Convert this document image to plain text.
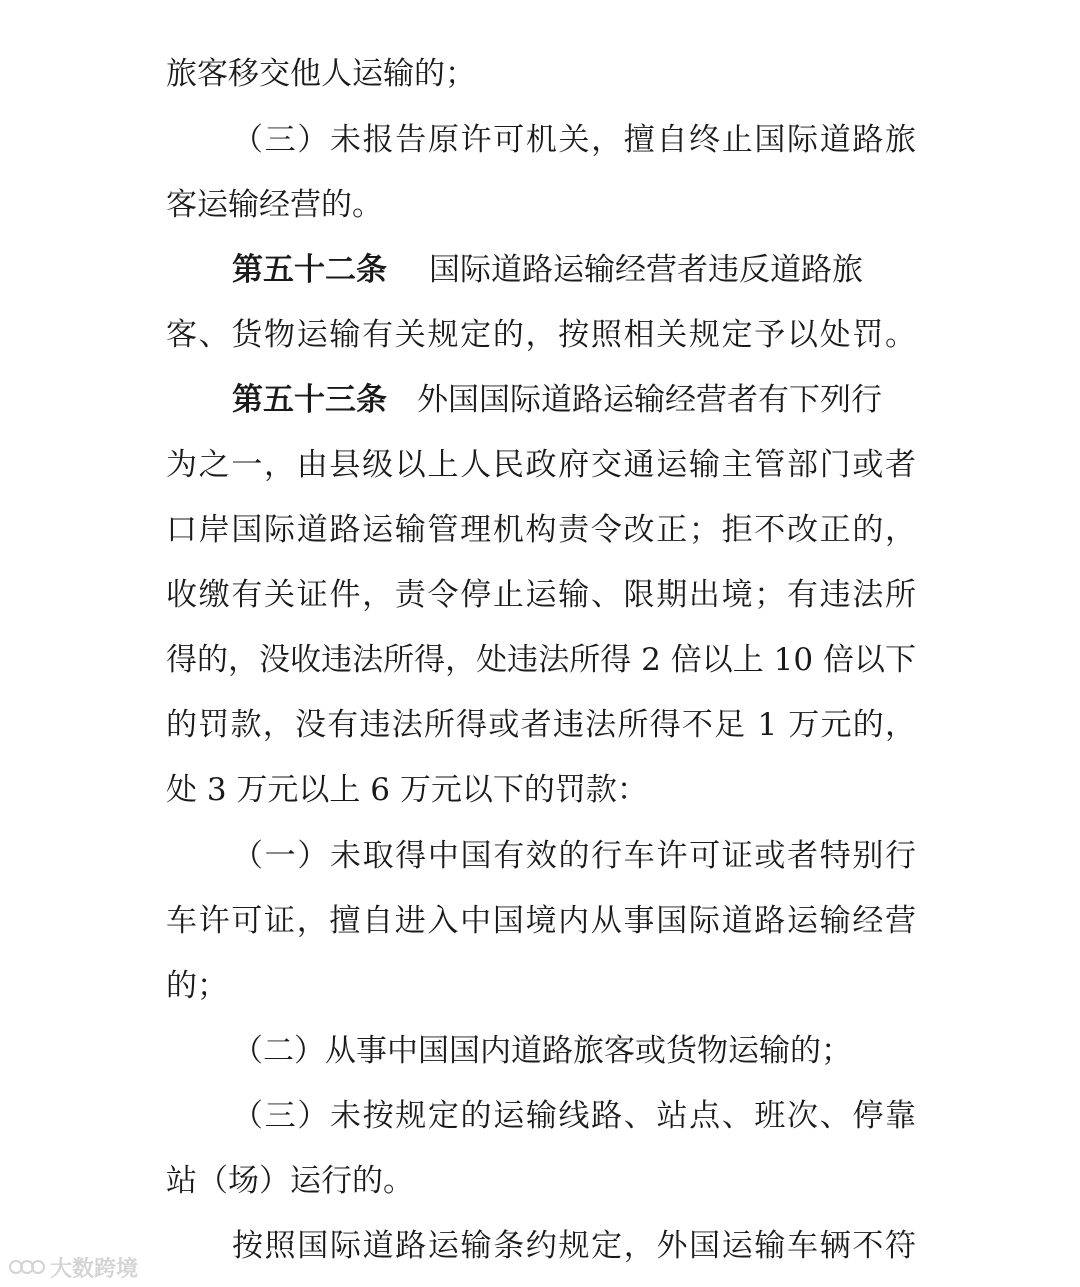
旅客移交他人运输的；
（三）未报告原许可机关，擅自终止国际道路旅
客运输经营的。
第五十二条 国际道路运输经营者违反道路旅
客、货物运输有关规定的，按照相关规定予以处罚。
第五十三条 外国国际道路运输经营者有下列行
为之一，由县级以上人民政府交通运输主管部门或者
口岸国际道路运输管理机构责令改正；拒不改正的，
收缴有关证件，责令停止运输、限期出境；有违法所
得的，没收违法所得，处违法所得 2 倍以上 10 倍以下
的罚款，没有违法所得或者违法所得不足 1 万元的，
处 3 万元以上 6 万元以下的罚款：
（一）未取得中国有效的行车许可证或者特别行
车许可证，擅自进入中国境内从事国际道路运输经营
的；
（二）从事中国国内道路旅客或货物运输的；
（三）未按规定的运输线路、站点、班次、停靠
站（场）运行的。
按照国际道路运输条约规定，外国运输车辆不符
大数跨境
